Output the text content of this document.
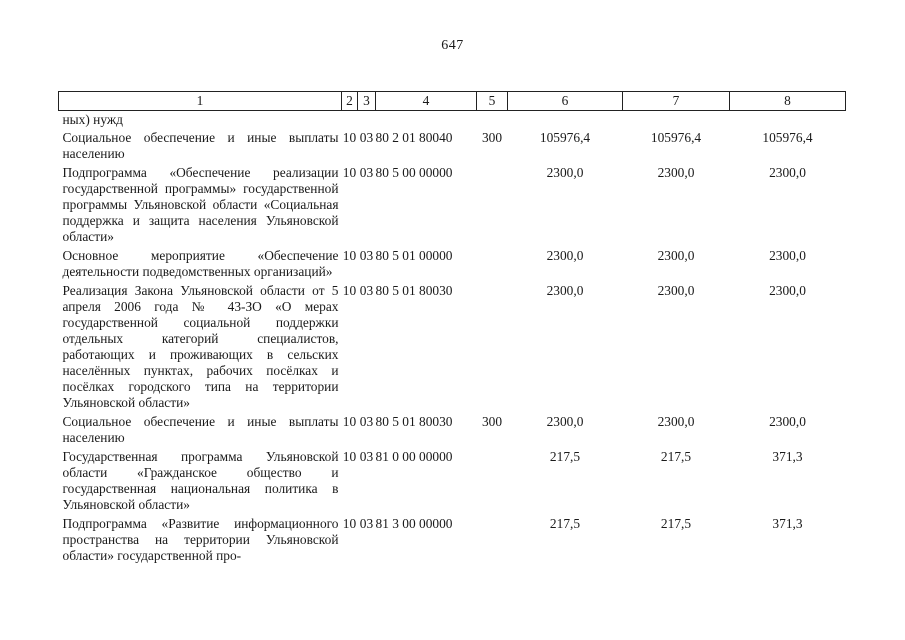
647
1	2	3	4	5	6	7	8
ных) нужд							
Социальное обеспечение и иные выплаты населению	10	03	80 2 01 80040	300	105976,4	105976,4	105976,4
Подпрограмма «Обеспечение реализации государственной программы» государственной программы Ульяновской области «Социальная поддержка и защита населения Ульяновской области»	10	03	80 5 00 00000		2300,0	2300,0	2300,0
Основное мероприятие «Обеспечение деятельности подведомственных организаций»	10	03	80 5 01 00000		2300,0	2300,0	2300,0
Реализация Закона Ульяновской области от 5 апреля 2006 года № 43-ЗО «О мерах государственной социальной поддержки отдельных категорий специалистов, работающих и проживающих в сельских населённых пунктах, рабочих посёлках и посёлках городского типа на территории Ульяновской области»	10	03	80 5 01 80030		2300,0	2300,0	2300,0
Социальное обеспечение и иные выплаты населению	10	03	80 5 01 80030	300	2300,0	2300,0	2300,0
Государственная программа Ульяновской области «Гражданское общество и государственная национальная политика в Ульяновской области»	10	03	81 0 00 00000		217,5	217,5	371,3
Подпрограмма «Развитие информационного пространства на территории Ульяновской области» государственной про-	10	03	81 3 00 00000		217,5	217,5	371,3
